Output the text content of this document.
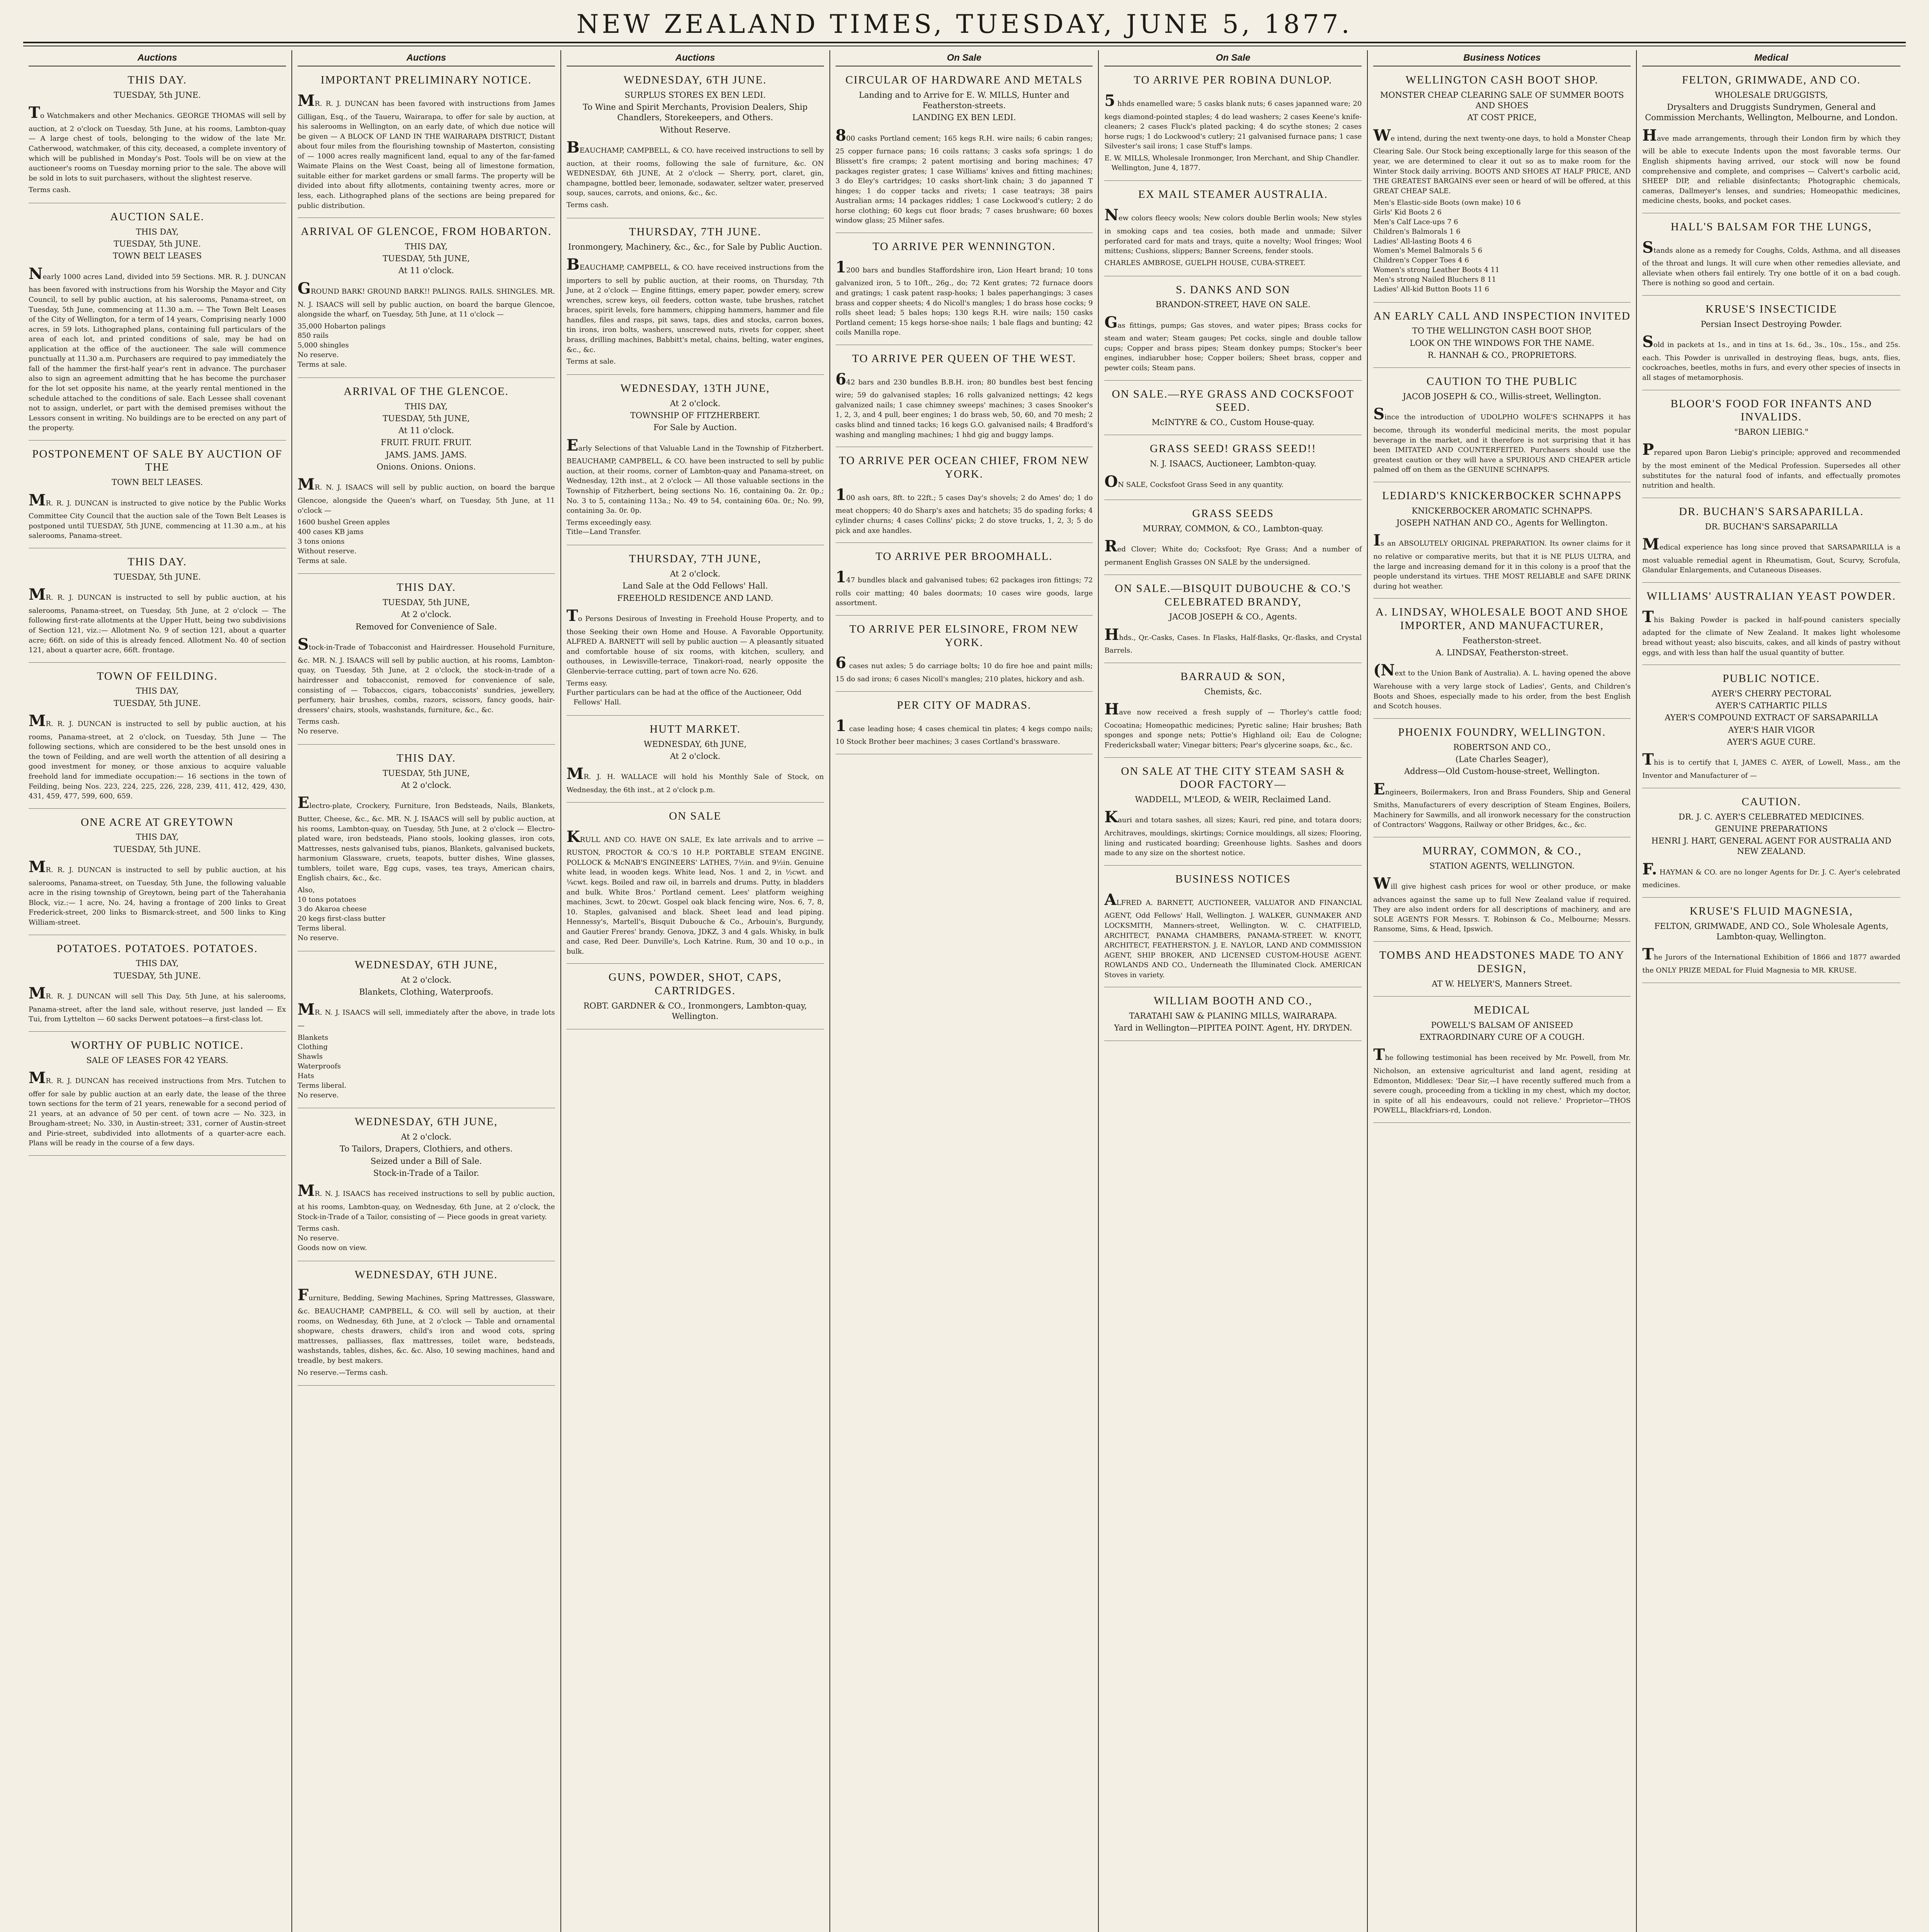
NEW ZEALAND TIMES, TUESDAY, JUNE 5, 1877.
Auctions
THIS DAY.
TUESDAY, 5th JUNE.

To Watchmakers and other Mechanics. GEORGE THOMAS will sell by auction, at 2 o'clock on Tuesday, 5th June, at his rooms, Lambton-quay — A large chest of tools, belonging to the widow of the late Mr. Catherwood, watchmaker, of this city, deceased, a complete inventory of which will be published in Monday's Post. Tools will be on view at the auctioneer's rooms on Tuesday morning prior to the sale. The above will be sold in lots to suit purchasers, without the slightest reserve.

Terms cash.
AUCTION SALE.
THIS DAY,
TUESDAY, 5th JUNE.
TOWN BELT LEASES

Nearly 1000 acres Land, divided into 59 Sections. MR. R. J. DUNCAN has been favored with instructions from his Worship the Mayor and City Council, to sell by public auction, at his salerooms, Panama-street, on Tuesday, 5th June, commencing at 11.30 a.m. — The Town Belt Leases of the City of Wellington, for a term of 14 years, Comprising nearly 1000 acres, in 59 lots. Lithographed plans, containing full particulars of the area of each lot, and printed conditions of sale, may be had on application at the office of the auctioneer. The sale will commence punctually at 11.30 a.m. Purchasers are required to pay immediately the fall of the hammer the first-half year's rent in advance. The purchaser also to sign an agreement admitting that he has become the purchaser for the lot set opposite his name, at the yearly rental mentioned in the schedule attached to the conditions of sale. Each Lessee shall covenant not to assign, underlet, or part with the demised premises without the Lessors consent in writing. No buildings are to be erected on any part of the property.

POSTPONEMENT OF SALE BY AUCTION OF THE
TOWN BELT LEASES.

MR. R. J. DUNCAN is instructed to give notice by the Public Works Committee City Council that the auction sale of the Town Belt Leases is postponed until TUESDAY, 5th JUNE, commencing at 11.30 a.m., at his salerooms, Panama-street.

THIS DAY.
TUESDAY, 5th JUNE.

MR. R. J. DUNCAN is instructed to sell by public auction, at his salerooms, Panama-street, on Tuesday, 5th June, at 2 o'clock — The following first-rate allotments at the Upper Hutt, being two subdivisions of Section 121, viz.:— Allotment No. 9 of section 121, about a quarter acre; 66ft. on side of this is already fenced. Allotment No. 40 of section 121, about a quarter acre, 66ft. frontage.

TOWN OF FEILDING.
THIS DAY,
TUESDAY, 5th JUNE.

MR. R. J. DUNCAN is instructed to sell by public auction, at his rooms, Panama-street, at 2 o'clock, on Tuesday, 5th June — The following sections, which are considered to be the best unsold ones in the town of Feilding, and are well worth the attention of all desiring a good investment for money, or those anxious to acquire valuable freehold land for immediate occupation:— 16 sections in the town of Feilding, being Nos. 223, 224, 225, 226, 228, 239, 411, 412, 429, 430, 431, 459, 477, 599, 600, 659.

ONE ACRE AT GREYTOWN
THIS DAY,
TUESDAY, 5th JUNE.

MR. R. J. DUNCAN is instructed to sell by public auction, at his salerooms, Panama-street, on Tuesday, 5th June, the following valuable acre in the rising township of Greytown, being part of the Taherahania Block, viz.:— 1 acre, No. 24, having a frontage of 200 links to Great Frederick-street, 200 links to Bismarck-street, and 500 links to King William-street.

POTATOES. POTATOES. POTATOES.
THIS DAY,
TUESDAY, 5th JUNE.

MR. R. J. DUNCAN will sell This Day, 5th June, at his salerooms, Panama-street, after the land sale, without reserve, just landed — Ex Tui, from Lyttelton — 60 sacks Derwent potatoes—a first-class lot.

WORTHY OF PUBLIC NOTICE.
SALE OF LEASES FOR 42 YEARS.

MR. R. J. DUNCAN has received instructions from Mrs. Tutchen to offer for sale by public auction at an early date, the lease of the three town sections for the term of 21 years, renewable for a second period of 21 years, at an advance of 50 per cent. of town acre — No. 323, in Brougham-street; No. 330, in Austin-street; 331, corner of Austin-street and Pirie-street, subdivided into allotments of a quarter-acre each. Plans will be ready in the course of a few days.

Auctions
IMPORTANT PRELIMINARY NOTICE.

MR. R. J. DUNCAN has been favored with instructions from James Gilligan, Esq., of the Taueru, Wairarapa, to offer for sale by auction, at his salerooms in Wellington, on an early date, of which due notice will be given — A BLOCK OF LAND IN THE WAIRARAPA DISTRICT, Distant about four miles from the flourishing township of Masterton, consisting of — 1000 acres really magnificent land, equal to any of the far-famed Waimate Plains on the West Coast, being all of limestone formation, suitable either for market gardens or small farms. The property will be divided into about fifty allotments, containing twenty acres, more or less, each. Lithographed plans of the sections are being prepared for public distribution.

ARRIVAL OF GLENCOE, FROM HOBARTON.
THIS DAY,
TUESDAY, 5th JUNE,
At 11 o'clock.

GROUND BARK! GROUND BARK!! PALINGS. RAILS. SHINGLES. MR. N. J. ISAACS will sell by public auction, on board the barque Glencoe, alongside the wharf, on Tuesday, 5th June, at 11 o'clock —

35,000 Hobarton palings
850 rails
5,000 shingles
No reserve.
Terms at sale.
ARRIVAL OF THE GLENCOE.
THIS DAY,
TUESDAY, 5th JUNE,
At 11 o'clock.
FRUIT. FRUIT. FRUIT.
JAMS. JAMS. JAMS.
Onions. Onions. Onions.

MR. N. J. ISAACS will sell by public auction, on board the barque Glencoe, alongside the Queen's wharf, on Tuesday, 5th June, at 11 o'clock —

1600 bushel Green apples
400 cases KB jams
3 tons onions
Without reserve.
Terms at sale.
THIS DAY.
TUESDAY, 5th JUNE,
At 2 o'clock.
Removed for Convenience of Sale.

Stock-in-Trade of Tobacconist and Hairdresser. Household Furniture, &c. MR. N. J. ISAACS will sell by public auction, at his rooms, Lambton-quay, on Tuesday, 5th June, at 2 o'clock, the stock-in-trade of a hairdresser and tobacconist, removed for convenience of sale, consisting of — Tobaccos, cigars, tobacconists' sundries, jewellery, perfumery, hair brushes, combs, razors, scissors, fancy goods, hair-dressers' chairs, stools, washstands, furniture, &c., &c.

Terms cash.
No reserve.
THIS DAY.
TUESDAY, 5th JUNE,
At 2 o'clock.

Electro-plate, Crockery, Furniture, Iron Bedsteads, Nails, Blankets, Butter, Cheese, &c., &c. MR. N. J. ISAACS will sell by public auction, at his rooms, Lambton-quay, on Tuesday, 5th June, at 2 o'clock — Electro-plated ware, iron bedsteads, Piano stools, looking glasses, iron cots, Mattresses, nests galvanised tubs, pianos, Blankets, galvanised buckets, harmonium Glassware, cruets, teapots, butter dishes, Wine glasses, tumblers, toilet ware, Egg cups, vases, tea trays, American chairs, English chairs, &c., &c.

Also,
10 tons potatoes
3 do Akaroa cheese
20 kegs first-class butter
Terms liberal.
No reserve.
WEDNESDAY, 6TH JUNE,
At 2 o'clock.
Blankets, Clothing, Waterproofs.

MR. N. J. ISAACS will sell, immediately after the above, in trade lots —

Blankets
Clothing
Shawls
Waterproofs
Hats
Terms liberal.
No reserve.
WEDNESDAY, 6TH JUNE,
At 2 o'clock.
To Tailors, Drapers, Clothiers, and others.
Seized under a Bill of Sale.
Stock-in-Trade of a Tailor.

MR. N. J. ISAACS has received instructions to sell by public auction, at his rooms, Lambton-quay, on Wednesday, 6th June, at 2 o'clock, the Stock-in-Trade of a Tailor, consisting of — Piece goods in great variety.

Terms cash.
No reserve.
Goods now on view.
WEDNESDAY, 6TH JUNE.

Furniture, Bedding, Sewing Machines, Spring Mattresses, Glassware, &c. BEAUCHAMP, CAMPBELL, & CO. will sell by auction, at their rooms, on Wednesday, 6th June, at 2 o'clock — Table and ornamental shopware, chests drawers, child's iron and wood cots, spring mattresses, palliasses, flax mattresses, toilet ware, bedsteads, washstands, tables, dishes, &c. &c. Also, 10 sewing machines, hand and treadle, by best makers.

No reserve.—Terms cash.
Auctions
WEDNESDAY, 6TH JUNE.
SURPLUS STORES EX BEN LEDI.
To Wine and Spirit Merchants, Provision Dealers, Ship Chandlers, Storekeepers, and Others.
Without Reserve.

BEAUCHAMP, CAMPBELL, & CO. have received instructions to sell by auction, at their rooms, following the sale of furniture, &c. ON WEDNESDAY, 6th JUNE, At 2 o'clock — Sherry, port, claret, gin, champagne, bottled beer, lemonade, sodawater, seltzer water, preserved soup, sauces, carrots, and onions, &c., &c.

Terms cash.
THURSDAY, 7TH JUNE.
Ironmongery, Machinery, &c., &c., for Sale by Public Auction.

BEAUCHAMP, CAMPBELL, & CO. have received instructions from the importers to sell by public auction, at their rooms, on Thursday, 7th June, at 2 o'clock — Engine fittings, emery paper, powder emery, screw wrenches, screw keys, oil feeders, cotton waste, tube brushes, ratchet braces, spirit levels, fore hammers, chipping hammers, hammer and file handles, files and rasps, pit saws, taps, dies and stocks, carron boxes, tin irons, iron bolts, washers, unscrewed nuts, rivets for copper, sheet brass, drilling machines, Babbitt's metal, chains, belting, water engines, &c., &c.

Terms at sale.
WEDNESDAY, 13TH JUNE,
At 2 o'clock.
TOWNSHIP OF FITZHERBERT.
For Sale by Auction.

Early Selections of that Valuable Land in the Township of Fitzherbert. BEAUCHAMP, CAMPBELL, & CO. have been instructed to sell by public auction, at their rooms, corner of Lambton-quay and Panama-street, on Wednesday, 12th inst., at 2 o'clock — All those valuable sections in the Township of Fitzherbert, being sections No. 16, containing 0a. 2r. 0p.; No. 3 to 5, containing 113a.; No. 49 to 54, containing 60a. 0r.; No. 99, containing 3a. 0r. 0p.

Terms exceedingly easy.
Title—Land Transfer.
THURSDAY, 7TH JUNE,
At 2 o'clock.
Land Sale at the Odd Fellows' Hall.
FREEHOLD RESIDENCE AND LAND.

To Persons Desirous of Investing in Freehold House Property, and to those Seeking their own Home and House. A Favorable Opportunity. ALFRED A. BARNETT will sell by public auction — A pleasantly situated and comfortable house of six rooms, with kitchen, scullery, and outhouses, in Lewisville-terrace, Tinakori-road, nearly opposite the Glenbervie-terrace cutting, part of town acre No. 626.

Terms easy.
Further particulars can be had at the office of the Auctioneer, Odd Fellows' Hall.
HUTT MARKET.
WEDNESDAY, 6th JUNE,
At 2 o'clock.

MR. J. H. WALLACE will hold his Monthly Sale of Stock, on Wednesday, the 6th inst., at 2 o'clock p.m.

ON SALE

KRULL AND CO. HAVE ON SALE, Ex late arrivals and to arrive — RUSTON, PROCTOR & CO.'S 10 H.P. PORTABLE STEAM ENGINE. POLLOCK & McNAB'S ENGINEERS' LATHES, 7½in. and 9½in. Genuine white lead, in wooden kegs. White lead, Nos. 1 and 2, in ½cwt. and ¼cwt. kegs. Boiled and raw oil, in barrels and drums. Putty, in bladders and bulk. White Bros.' Portland cement. Lees' platform weighing machines, 3cwt. to 20cwt. Gospel oak black fencing wire, Nos. 6, 7, 8, 10. Staples, galvanised and black. Sheet lead and lead piping. Hennessy's, Martell's, Bisquit Dubouche & Co., Arbouin's, Burgundy, and Gautier Freres' brandy. Genova, JDKZ, 3 and 4 gals. Whisky, in bulk and case, Red Deer. Dunville's, Loch Katrine. Rum, 30 and 10 o.p., in bulk.

GUNS, POWDER, SHOT, CAPS, CARTRIDGES.
ROBT. GARDNER & CO., Ironmongers, Lambton-quay, Wellington.
On Sale
CIRCULAR OF HARDWARE AND METALS
Landing and to Arrive for E. W. MILLS, Hunter and Featherston-streets.
LANDING EX BEN LEDI.

800 casks Portland cement; 165 kegs R.H. wire nails; 6 cabin ranges; 25 copper furnace pans; 16 coils rattans; 3 casks sofa springs; 1 do Blissett's fire cramps; 2 patent mortising and boring machines; 47 packages register grates; 1 case Williams' knives and fitting machines; 3 do Eley's cartridges; 10 casks short-link chain; 3 do japanned T hinges; 1 do copper tacks and rivets; 1 case teatrays; 38 pairs Australian arms; 14 packages riddles; 1 case Lockwood's cutlery; 2 do horse clothing; 60 kegs cut floor brads; 7 cases brushware; 60 boxes window glass; 25 Milner safes.

TO ARRIVE PER WENNINGTON.

1200 bars and bundles Staffordshire iron, Lion Heart brand; 10 tons galvanized iron, 5 to 10ft., 26g., do; 72 Kent grates; 72 furnace doors and gratings; 1 cask patent rasp-hooks; 1 bales paperhangings; 3 cases brass and copper sheets; 4 do Nicoll's mangles; 1 do brass hose cocks; 9 rolls sheet lead; 5 bales hops; 130 kegs R.H. wire nails; 150 casks Portland cement; 15 kegs horse-shoe nails; 1 bale flags and bunting; 42 coils Manilla rope.

TO ARRIVE PER QUEEN OF THE WEST.

642 bars and 230 bundles B.B.H. iron; 80 bundles best best fencing wire; 59 do galvanised staples; 16 rolls galvanized nettings; 42 kegs galvanized nails; 1 case chimney sweeps' machines; 3 cases Snooker's 1, 2, 3, and 4 pull, beer engines; 1 do brass web, 50, 60, and 70 mesh; 2 casks blind and tinned tacks; 16 kegs G.O. galvanised nails; 4 Bradford's washing and mangling machines; 1 hhd gig and buggy lamps.

TO ARRIVE PER OCEAN CHIEF, FROM NEW YORK.

100 ash oars, 8ft. to 22ft.; 5 cases Day's shovels; 2 do Ames' do; 1 do meat choppers; 40 do Sharp's axes and hatchets; 35 do spading forks; 4 cylinder churns; 4 cases Collins' picks; 2 do stove trucks, 1, 2, 3; 5 do pick and axe handles.

TO ARRIVE PER BROOMHALL.

147 bundles black and galvanised tubes; 62 packages iron fittings; 72 rolls coir matting; 40 bales doormats; 10 cases wire goods, large assortment.

TO ARRIVE PER ELSINORE, FROM NEW YORK.

6 cases nut axles; 5 do carriage bolts; 10 do fire hoe and paint mills; 15 do sad irons; 6 cases Nicoll's mangles; 210 plates, hickory and ash.

PER CITY OF MADRAS.

1 case leading hose; 4 cases chemical tin plates; 4 kegs compo nails; 10 Stock Brother beer machines; 3 cases Cortland's brassware.

On Sale
TO ARRIVE PER ROBINA DUNLOP.

5 hhds enamelled ware; 5 casks blank nuts; 6 cases japanned ware; 20 kegs diamond-pointed staples; 4 do lead washers; 2 cases Keene's knife-cleaners; 2 cases Fluck's plated packing; 4 do scythe stones; 2 cases horse rugs; 1 do Lockwood's cutlery; 21 galvanised furnace pans; 1 case Silvester's sail irons; 1 case Stuff's lamps.

E. W. MILLS, Wholesale Ironmonger, Iron Merchant, and Ship Chandler. Wellington, June 4, 1877.
EX MAIL STEAMER AUSTRALIA.

New colors fleecy wools; New colors double Berlin wools; New styles in smoking caps and tea cosies, both made and unmade; Silver perforated card for mats and trays, quite a novelty; Wool fringes; Wool mittens; Cushions, slippers; Banner Screens, fender stools.

CHARLES AMBROSE, GUELPH HOUSE, CUBA-STREET.
S. DANKS AND SON
BRANDON-STREET, HAVE ON SALE.

Gas fittings, pumps; Gas stoves, and water pipes; Brass cocks for steam and water; Steam gauges; Pet cocks, single and double tallow cups; Copper and brass pipes; Steam donkey pumps; Stocker's beer engines, indiarubber hose; Copper boilers; Sheet brass, copper and pewter coils; Steam pans.

ON SALE.—RYE GRASS AND COCKSFOOT SEED.
McINTYRE & CO., Custom House-quay.
GRASS SEED! GRASS SEED!!
N. J. ISAACS, Auctioneer, Lambton-quay.

ON SALE, Cocksfoot Grass Seed in any quantity.

GRASS SEEDS
MURRAY, COMMON, & CO., Lambton-quay.

Red Clover; White do; Cocksfoot; Rye Grass; And a number of permanent English Grasses ON SALE by the undersigned.

ON SALE.—BISQUIT DUBOUCHE & CO.'S CELEBRATED BRANDY,
JACOB JOSEPH & CO., Agents.

Hhds., Qr.-Casks, Cases. In Flasks, Half-flasks, Qr.-flasks, and Crystal Barrels.

BARRAUD & SON,
Chemists, &c.

Have now received a fresh supply of — Thorley's cattle food; Cocoatina; Homeopathic medicines; Pyretic saline; Hair brushes; Bath sponges and sponge nets; Pottie's Highland oil; Eau de Cologne; Fredericksball water; Vinegar bitters; Pear's glycerine soaps, &c., &c.

ON SALE AT THE CITY STEAM SASH & DOOR FACTORY—
WADDELL, M'LEOD, & WEIR, Reclaimed Land.

Kauri and totara sashes, all sizes; Kauri, red pine, and totara doors; Architraves, mouldings, skirtings; Cornice mouldings, all sizes; Flooring, lining and rusticated boarding; Greenhouse lights. Sashes and doors made to any size on the shortest notice.

BUSINESS NOTICES

ALFRED A. BARNETT, AUCTIONEER, VALUATOR AND FINANCIAL AGENT, Odd Fellows' Hall, Wellington. J. WALKER, GUNMAKER AND LOCKSMITH, Manners-street, Wellington. W. C. CHATFIELD, ARCHITECT, PANAMA CHAMBERS, PANAMA-STREET. W. KNOTT, ARCHITECT, FEATHERSTON. J. E. NAYLOR, LAND AND COMMISSION AGENT, SHIP BROKER, AND LICENSED CUSTOM-HOUSE AGENT. ROWLANDS AND CO., Underneath the Illuminated Clock. AMERICAN Stoves in variety.

WILLIAM BOOTH AND CO.,
TARATAHI SAW & PLANING MILLS, WAIRARAPA.
Yard in Wellington—PIPITEA POINT. Agent, HY. DRYDEN.
Business Notices
WELLINGTON CASH BOOT SHOP.
MONSTER CHEAP CLEARING SALE OF SUMMER BOOTS AND SHOES
AT COST PRICE,

We intend, during the next twenty-one days, to hold a Monster Cheap Clearing Sale. Our Stock being exceptionally large for this season of the year, we are determined to clear it out so as to make room for the Winter Stock daily arriving. BOOTS AND SHOES AT HALF PRICE, AND THE GREATEST BARGAINS ever seen or heard of will be offered, at this GREAT CHEAP SALE.

Men's Elastic-side Boots (own make) 10 6
Girls' Kid Boots 2 6
Men's Calf Lace-ups 7 6
Children's Balmorals 1 6
Ladies' All-lasting Boots 4 6
Women's Memel Balmorals 5 6
Children's Copper Toes 4 6
Women's strong Leather Boots 4 11
Men's strong Nailed Bluchers 8 11
Ladies' All-kid Button Boots 11 6
AN EARLY CALL AND INSPECTION INVITED
TO THE WELLINGTON CASH BOOT SHOP,
LOOK ON THE WINDOWS FOR THE NAME.
R. HANNAH & CO., PROPRIETORS.
CAUTION TO THE PUBLIC
JACOB JOSEPH & CO., Willis-street, Wellington.

Since the introduction of UDOLPHO WOLFE'S SCHNAPPS it has become, through its wonderful medicinal merits, the most popular beverage in the market, and it therefore is not surprising that it has been IMITATED AND COUNTERFEITED. Purchasers should use the greatest caution or they will have a SPURIOUS AND CHEAPER article palmed off on them as the GENUINE SCHNAPPS.

LEDIARD'S KNICKERBOCKER SCHNAPPS
KNICKERBOCKER AROMATIC SCHNAPPS.
JOSEPH NATHAN AND CO., Agents for Wellington.

Is an ABSOLUTELY ORIGINAL PREPARATION. Its owner claims for it no relative or comparative merits, but that it is NE PLUS ULTRA, and the large and increasing demand for it in this colony is a proof that the people understand its virtues. THE MOST RELIABLE and SAFE DRINK during hot weather.

A. LINDSAY, WHOLESALE BOOT AND SHOE IMPORTER, AND MANUFACTURER,
Featherston-street.
A. LINDSAY, Featherston-street.

(Next to the Union Bank of Australia). A. L. having opened the above Warehouse with a very large stock of Ladies', Gents, and Children's Boots and Shoes, especially made to his order, from the best English and Scotch houses.

PHOENIX FOUNDRY, WELLINGTON.
ROBERTSON AND CO.,
(Late Charles Seager),
Address—Old Custom-house-street, Wellington.

Engineers, Boilermakers, Iron and Brass Founders, Ship and General Smiths, Manufacturers of every description of Steam Engines, Boilers, Machinery for Sawmills, and all ironwork necessary for the construction of Contractors' Waggons, Railway or other Bridges, &c., &c.

MURRAY, COMMON, & CO.,
STATION AGENTS, WELLINGTON.

Will give highest cash prices for wool or other produce, or make advances against the same up to full New Zealand value if required. They are also indent orders for all descriptions of machinery, and are SOLE AGENTS FOR Messrs. T. Robinson & Co., Melbourne; Messrs. Ransome, Sims, & Head, Ipswich.

TOMBS AND HEADSTONES MADE TO ANY DESIGN,
AT W. HELYER'S, Manners Street.
MEDICAL
POWELL'S BALSAM OF ANISEED
EXTRAORDINARY CURE OF A COUGH.

The following testimonial has been received by Mr. Powell, from Mr. Nicholson, an extensive agriculturist and land agent, residing at Edmonton, Middlesex: 'Dear Sir,—I have recently suffered much from a severe cough, proceeding from a tickling in my chest, which my doctor, in spite of all his endeavours, could not relieve.' Proprietor—THOS POWELL, Blackfriars-rd, London.

Medical
FELTON, GRIMWADE, AND CO.
WHOLESALE DRUGGISTS,
Drysalters and Druggists Sundrymen, General and Commission Merchants, Wellington, Melbourne, and London.

Have made arrangements, through their London firm by which they will be able to execute Indents upon the most favorable terms. Our English shipments having arrived, our stock will now be found comprehensive and complete, and comprises — Calvert's carbolic acid, SHEEP DIP, and reliable disinfectants; Photographic chemicals, cameras, Dallmeyer's lenses, and sundries; Homeopathic medicines, medicine chests, books, and pocket cases.

HALL'S BALSAM FOR THE LUNGS,

Stands alone as a remedy for Coughs, Colds, Asthma, and all diseases of the throat and lungs. It will cure when other remedies alleviate, and alleviate when others fail entirely. Try one bottle of it on a bad cough. There is nothing so good and certain.

KRUSE'S INSECTICIDE
Persian Insect Destroying Powder.

Sold in packets at 1s., and in tins at 1s. 6d., 3s., 10s., 15s., and 25s. each. This Powder is unrivalled in destroying fleas, bugs, ants, flies, cockroaches, beetles, moths in furs, and every other species of insects in all stages of metamorphosis.

BLOOR'S FOOD FOR INFANTS AND INVALIDS.
"BARON LIEBIG."

Prepared upon Baron Liebig's principle; approved and recommended by the most eminent of the Medical Profession. Supersedes all other substitutes for the natural food of infants, and effectually promotes nutrition and health.

DR. BUCHAN'S SARSAPARILLA.
DR. BUCHAN'S SARSAPARILLA

Medical experience has long since proved that SARSAPARILLA is a most valuable remedial agent in Rheumatism, Gout, Scurvy, Scrofula, Glandular Enlargements, and Cutaneous Diseases.

WILLIAMS' AUSTRALIAN YEAST POWDER.

This Baking Powder is packed in half-pound canisters specially adapted for the climate of New Zealand. It makes light wholesome bread without yeast; also biscuits, cakes, and all kinds of pastry without eggs, and with less than half the usual quantity of butter.

PUBLIC NOTICE.
AYER'S CHERRY PECTORAL
AYER'S CATHARTIC PILLS
AYER'S COMPOUND EXTRACT OF SARSAPARILLA
AYER'S HAIR VIGOR
AYER'S AGUE CURE.

This is to certify that I, JAMES C. AYER, of Lowell, Mass., am the Inventor and Manufacturer of —

CAUTION.
DR. J. C. AYER'S CELEBRATED MEDICINES.
GENUINE PREPARATIONS
HENRI J. HART, GENERAL AGENT FOR AUSTRALIA AND NEW ZEALAND.

F. HAYMAN & CO. are no longer Agents for Dr. J. C. Ayer's celebrated medicines.

KRUSE'S FLUID MAGNESIA,
FELTON, GRIMWADE, AND CO., Sole Wholesale Agents, Lambton-quay, Wellington.

The Jurors of the International Exhibition of 1866 and 1877 awarded the ONLY PRIZE MEDAL for Fluid Magnesia to MR. KRUSE.
